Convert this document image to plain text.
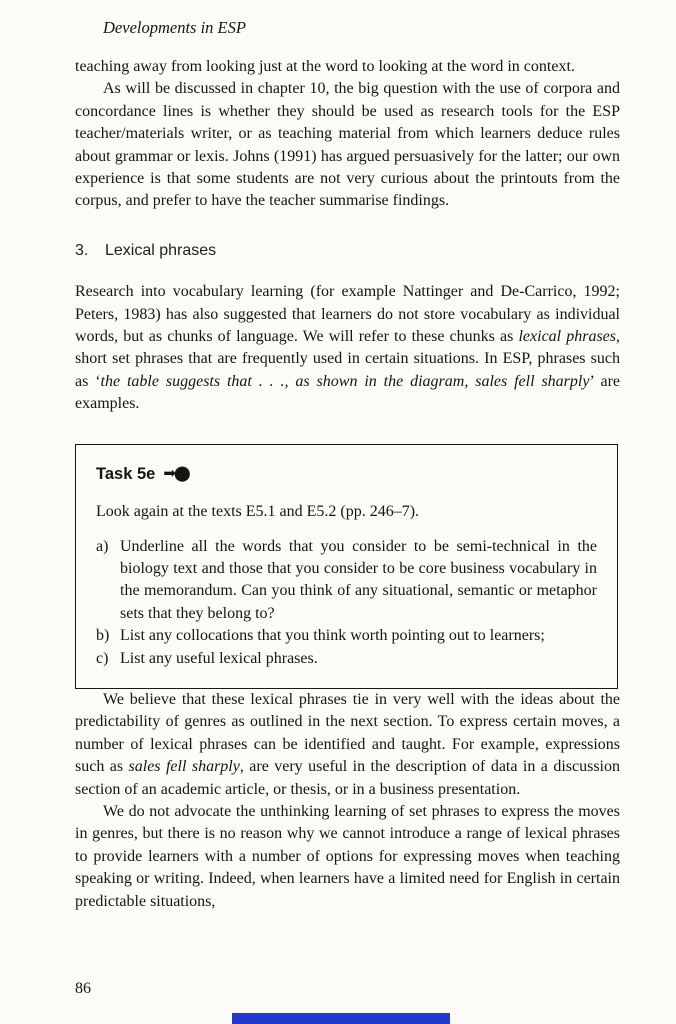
Developments in ESP

teaching away from looking just at the word to looking at the word in context.

As will be discussed in chapter 10, the big question with the use of corpora and concordance lines is whether they should be used as research tools for the ESP teacher/materials writer, or as teaching material from which learners deduce rules about grammar or lexis. Johns (1991) has argued persuasively for the latter; our own experience is that some students are not very curious about the printouts from the corpus, and prefer to have the teacher summarise findings.

3.	Lexical phrases

Research into vocabulary learning (for example Nattinger and De-Carrico, 1992; Peters, 1983) has also suggested that learners do not store vocabulary as individual words, but as chunks of language. We will refer to these chunks as lexical phrases, short set phrases that are frequently used in certain situations. In ESP, phrases such as ‘the table suggests that . . ., as shown in the diagram, sales fell sharply’ are examples.

Task 5e ➡⬤

Look again at the texts E5.1 and E5.2 (pp. 246–7).

a) Underline all the words that you consider to be semi-technical in the biology text and those that you consider to be core business vocabulary in the memorandum. Can you think of any situational, semantic or metaphor sets that they belong to?
b) List any collocations that you think worth pointing out to learners;
c) List any useful lexical phrases.

We believe that these lexical phrases tie in very well with the ideas about the predictability of genres as outlined in the next section. To express certain moves, a number of lexical phrases can be identified and taught. For example, expressions such as sales fell sharply, are very useful in the description of data in a discussion section of an academic article, or thesis, or in a business presentation.

We do not advocate the unthinking learning of set phrases to express the moves in genres, but there is no reason why we cannot introduce a range of lexical phrases to provide learners with a number of options for expressing moves when teaching speaking or writing. Indeed, when learners have a limited need for English in certain predictable situations,

86
